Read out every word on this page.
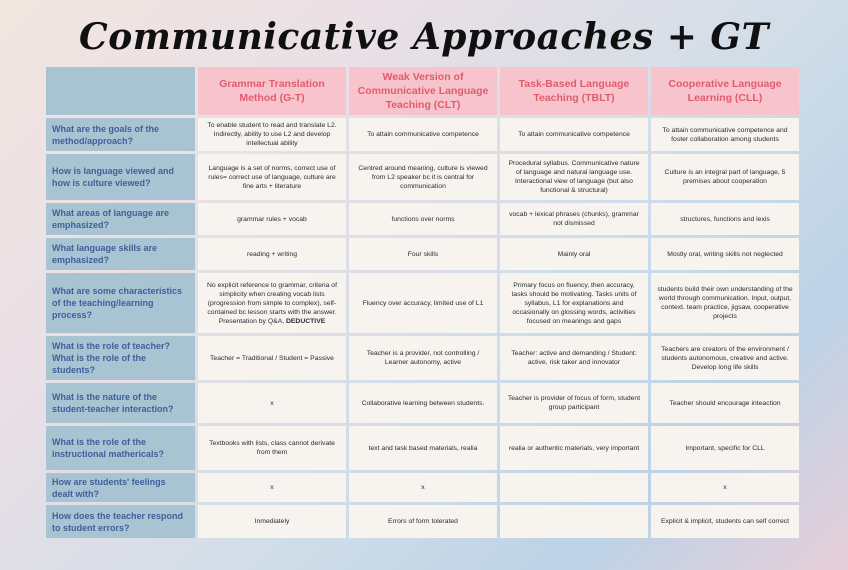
Communicative Approaches + GT
	Grammar Translation Method (G-T)	Weak Version of Communicative Language Teaching (CLT)	Task-Based Language Teaching (TBLT)	Cooperative Language Learning (CLL)
What are the goals of the method/approach?	To enable student to read and translate L2. Indirectly, ability to use L2 and develop intellectual ability	To attain communicative competence	To attain communicative competence	To attain communicative competence and foster collaboration among students
How is language viewed and how is culture viewed?	Language is a set of norms, correct use of rules= correct use of language, culture are fine arts + literature	Centred around meaning, culture is viewed from L2 speaker bc it is central for communication	Procedural syllabus. Communicative nature of language and natural language use. Interactional view of language (but also functional & structural)	Culture is an integral part of language, 5 premises about cooperation
What areas of language are emphasized?	grammar rules + vocab	functions over norms	vocab + lexical phrases (chunks), grammar not dismissed	structures, functions and lexis
What language skills are emphasized?	reading + writing	Four skills	Mainly oral	Mostly oral, writing skills not neglected
What are some characteristics of the teaching/learning process?	No explicit reference to grammar, criteria of simplicity when creating vocab lists (progression from simple to complex), self-contained bc lesson starts with the answer. Presentation by Q&A, DEDUCTIVE	Fluency over accuracy, limited use of L1	Primary focus on fluency, then accuracy, tasks should be motivating. Tasks units of syllabus, L1 for explanations and occasionally on glossing words, activities focused on meanings and gaps	students build their own understanding of the world through communication. Input, output, context. team practice, jigsaw, cooperative projects
What is the role of teacher? What is the role of the students?	Teacher = Traditional / Student = Passive	Teacher is a provider, not controlling / Learner autonomy, active	Teacher: active and demanding / Student: active, risk taker and innovator	Teachers are creators of the environment / students autonomous, creative and active. Develop long life skills
What is the nature of the student-teacher interaction?	x	Collaborative learning between students.	Teacher is provider of focus of form, student group participant	Teacher should encourage inteaction
What is the role of the instructional mathericals?	Textbooks with lists, class cannot derivate from them	text and task based materials, realia	realia or authentic materials, very important	Important, specific for CLL
How are students' feelings dealt with?	x	x		x
How does the teacher respond to student errors?	Inmediately	Errors of form tolerated		Explicit & implicit, students can self correct
